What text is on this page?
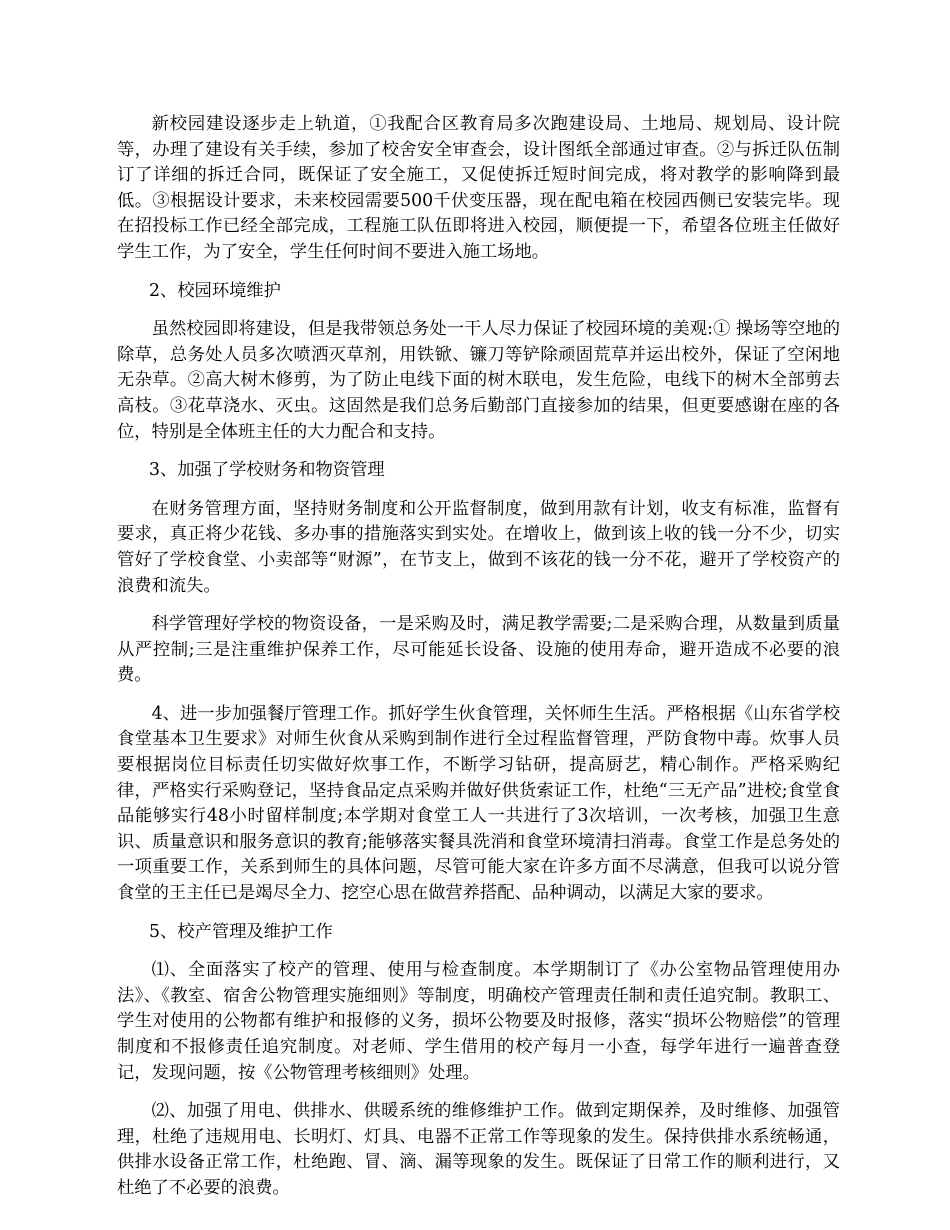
新校园建设逐步走上轨道，①我配合区教育局多次跑建设局、土地局、规划局、设计院等，办理了建设有关手续，参加了校舍安全审查会，设计图纸全部通过审查。②与拆迁队伍制订了详细的拆迁合同，既保证了安全施工，又促使拆迁短时间完成，将对教学的影响降到最低。③根据设计要求，未来校园需要500千伏变压器，现在配电箱在校园西侧已安装完毕。现在招投标工作已经全部完成，工程施工队伍即将进入校园，顺便提一下，希望各位班主任做好学生工作，为了安全，学生任何时间不要进入施工场地。

2、校园环境维护

虽然校园即将建设，但是我带领总务处一干人尽力保证了校园环境的美观:① 操场等空地的除草，总务处人员多次喷洒灭草剂，用铁锨、镰刀等铲除顽固荒草并运出校外，保证了空闲地无杂草。②高大树木修剪，为了防止电线下面的树木联电，发生危险，电线下的树木全部剪去高枝。③花草浇水、灭虫。这固然是我们总务后勤部门直接参加的结果，但更要感谢在座的各位，特别是全体班主任的大力配合和支持。

3、加强了学校财务和物资管理

在财务管理方面，坚持财务制度和公开监督制度，做到用款有计划，收支有标准，监督有要求，真正将少花钱、多办事的措施落实到实处。在增收上，做到该上收的钱一分不少，切实管好了学校食堂、小卖部等“财源”，在节支上，做到不该花的钱一分不花，避开了学校资产的浪费和流失。

科学管理好学校的物资设备，一是采购及时，满足教学需要;二是采购合理，从数量到质量从严控制;三是注重维护保养工作，尽可能延长设备、设施的使用寿命，避开造成不必要的浪费。

4、进一步加强餐厅管理工作。抓好学生伙食管理，关怀师生生活。严格根据《山东省学校食堂基本卫生要求》对师生伙食从采购到制作进行全过程监督管理，严防食物中毒。炊事人员要根据岗位目标责任切实做好炊事工作，不断学习钻研，提高厨艺，精心制作。严格采购纪律，严格实行采购登记，坚持食品定点采购并做好供货索证工作，杜绝“三无产品”进校;食堂食品能够实行48小时留样制度;本学期对食堂工人一共进行了3次培训，一次考核，加强卫生意识、质量意识和服务意识的教育;能够落实餐具洗消和食堂环境清扫消毒。食堂工作是总务处的一项重要工作，关系到师生的具体问题，尽管可能大家在许多方面不尽满意，但我可以说分管食堂的王主任已是竭尽全力、挖空心思在做营养搭配、品种调动，以满足大家的要求。

5、校产管理及维护工作

⑴、全面落实了校产的管理、使用与检查制度。本学期制订了《办公室物品管理使用办法》、《教室、宿舍公物管理实施细则》等制度，明确校产管理责任制和责任追究制。教职工、学生对使用的公物都有维护和报修的义务，损坏公物要及时报修，落实“损坏公物赔偿”的管理制度和不报修责任追究制度。对老师、学生借用的校产每月一小查，每学年进行一遍普查登记，发现问题，按《公物管理考核细则》处理。

⑵、加强了用电、供排水、供暖系统的维修维护工作。做到定期保养，及时维修、加强管理，杜绝了违规用电、长明灯、灯具、电器不正常工作等现象的发生。保持供排水系统畅通，供排水设备正常工作，杜绝跑、冒、滴、漏等现象的发生。既保证了日常工作的顺利进行，又杜绝了不必要的浪费。
